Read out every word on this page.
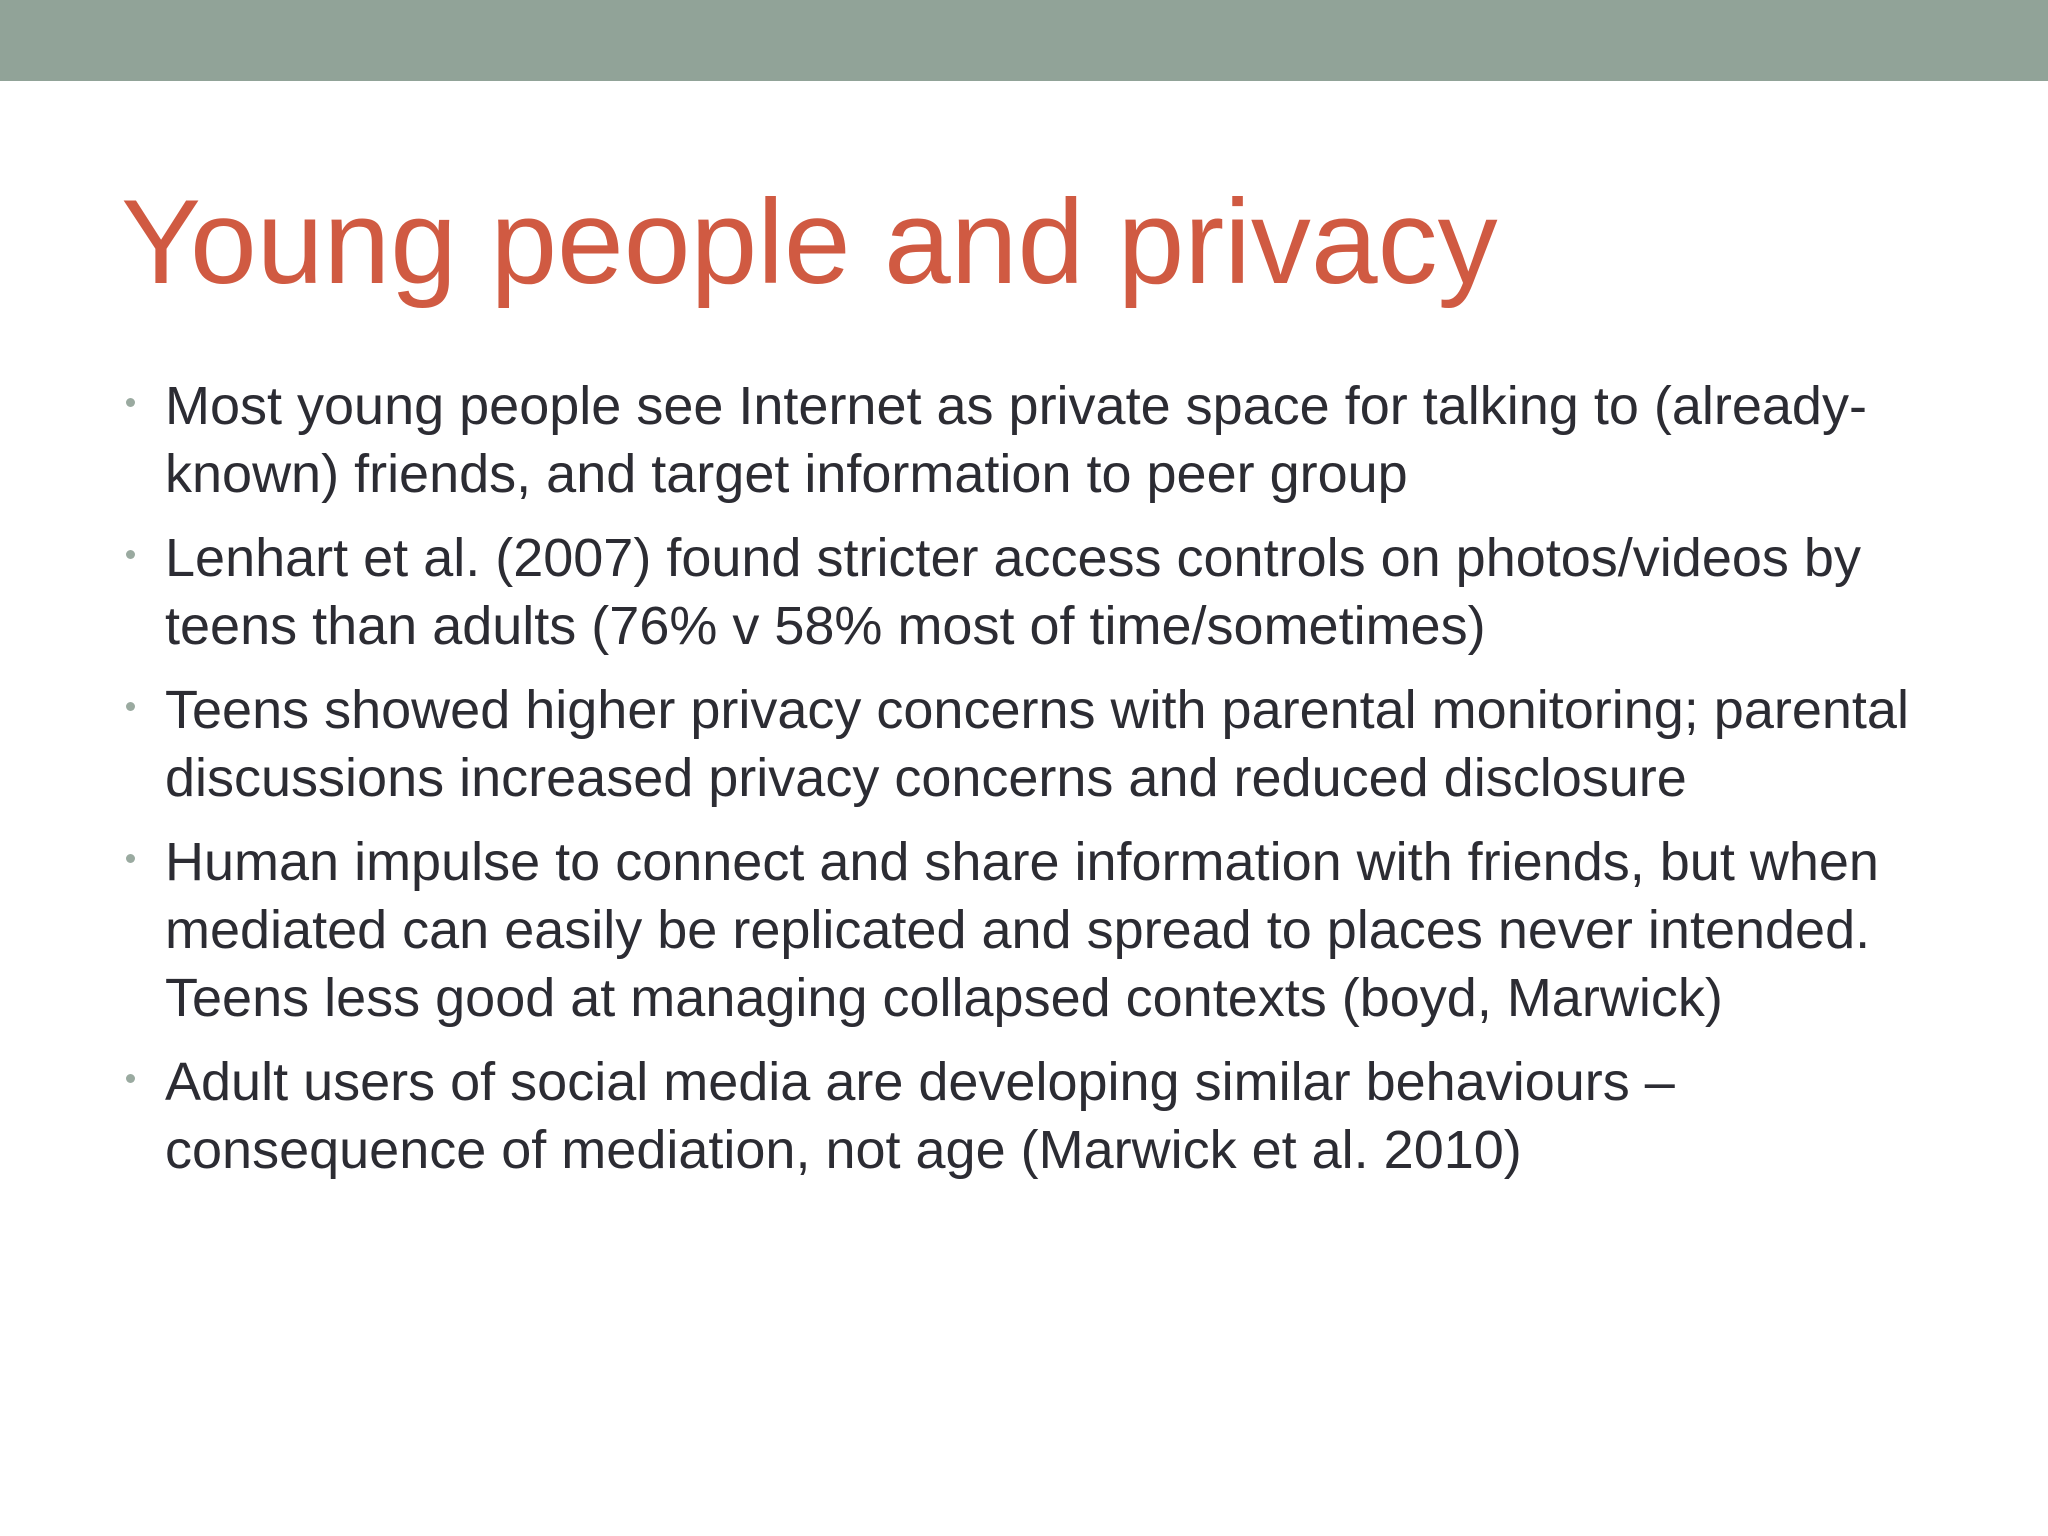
Young people and privacy
Most young people see Internet as private space for talking to (already-known) friends, and target information to peer group
Lenhart et al. (2007) found stricter access controls on photos/videos by teens than adults (76% v 58% most of time/sometimes)
Teens showed higher privacy concerns with parental monitoring; parental discussions increased privacy concerns and reduced disclosure
Human impulse to connect and share information with friends, but when mediated can easily be replicated and spread to places never intended. Teens less good at managing collapsed contexts (boyd, Marwick)
Adult users of social media are developing similar behaviours – consequence of mediation, not age (Marwick et al. 2010)
